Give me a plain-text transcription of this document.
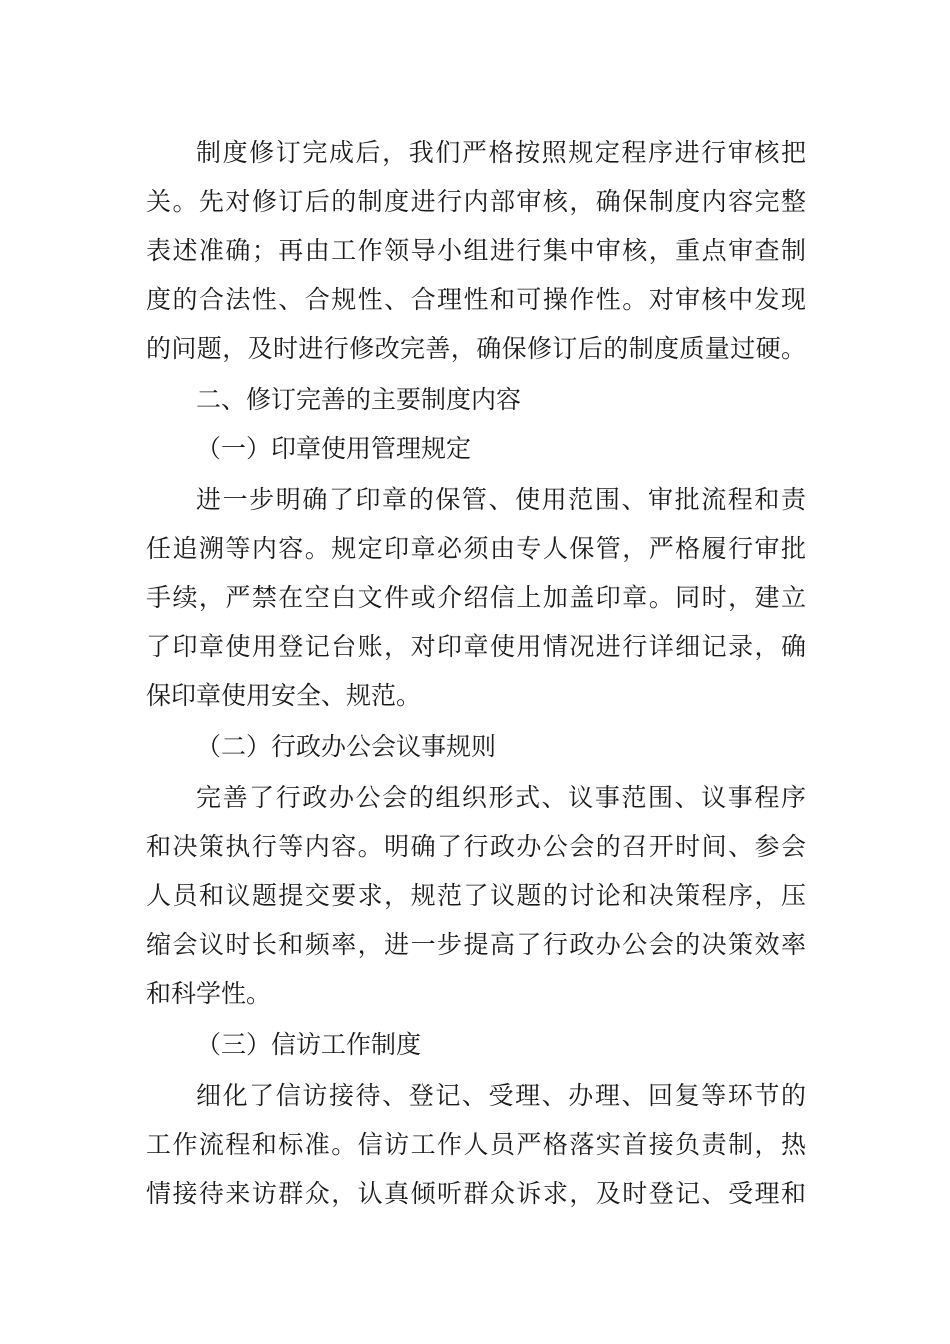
制度修订完成后，我们严格按照规定程序进行审核把
关。先对修订后的制度进行内部审核，确保制度内容完整
表述准确；再由工作领导小组进行集中审核，重点审查制
度的合法性、合规性、合理性和可操作性。对审核中发现
的问题，及时进行修改完善，确保修订后的制度质量过硬。
二、修订完善的主要制度内容
（一）印章使用管理规定
进一步明确了印章的保管、使用范围、审批流程和责
任追溯等内容。规定印章必须由专人保管，严格履行审批
手续，严禁在空白文件或介绍信上加盖印章。同时，建立
了印章使用登记台账，对印章使用情况进行详细记录，确
保印章使用安全、规范。
（二）行政办公会议事规则
完善了行政办公会的组织形式、议事范围、议事程序
和决策执行等内容。明确了行政办公会的召开时间、参会
人员和议题提交要求，规范了议题的讨论和决策程序，压
缩会议时长和频率，进一步提高了行政办公会的决策效率
和科学性。
（三）信访工作制度
细化了信访接待、登记、受理、办理、回复等环节的
工作流程和标准。信访工作人员严格落实首接负责制，热
情接待来访群众，认真倾听群众诉求，及时登记、受理和
